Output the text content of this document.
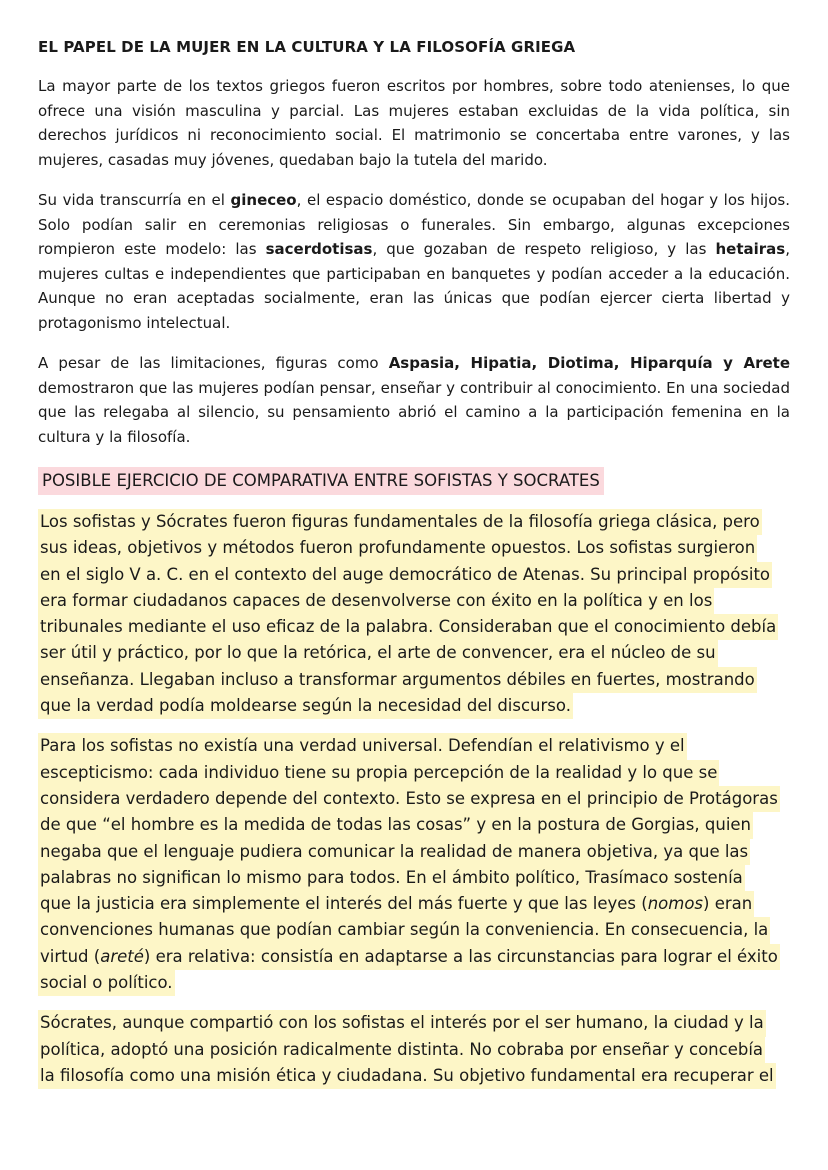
EL PAPEL DE LA MUJER EN LA CULTURA Y LA FILOSOFÍA GRIEGA

La mayor parte de los textos griegos fueron escritos por hombres, sobre todo atenienses, lo que ofrece una visión masculina y parcial. Las mujeres estaban excluidas de la vida política, sin derechos jurídicos ni reconocimiento social. El matrimonio se concertaba entre varones, y las mujeres, casadas muy jóvenes, quedaban bajo la tutela del marido.

Su vida transcurría en el gineceo, el espacio doméstico, donde se ocupaban del hogar y los hijos. Solo podían salir en ceremonias religiosas o funerales. Sin embargo, algunas excepciones rompieron este modelo: las sacerdotisas, que gozaban de respeto religioso, y las hetairas, mujeres cultas e independientes que participaban en banquetes y podían acceder a la educación. Aunque no eran aceptadas socialmente, eran las únicas que podían ejercer cierta libertad y protagonismo intelectual.

A pesar de las limitaciones, figuras como Aspasia, Hipatia, Diotima, Hiparquía y Arete demostraron que las mujeres podían pensar, enseñar y contribuir al conocimiento. En una sociedad que las relegaba al silencio, su pensamiento abrió el camino a la participación femenina en la cultura y la filosofía.

POSIBLE EJERCICIO DE COMPARATIVA ENTRE SOFISTAS Y SOCRATES
Los sofistas y Sócrates fueron figuras fundamentales de la filosofía griega clásica, pero
sus ideas, objetivos y métodos fueron profundamente opuestos. Los sofistas surgieron
en el siglo V a. C. en el contexto del auge democrático de Atenas. Su principal propósito
era formar ciudadanos capaces de desenvolverse con éxito en la política y en los
tribunales mediante el uso eficaz de la palabra. Consideraban que el conocimiento debía
ser útil y práctico, por lo que la retórica, el arte de convencer, era el núcleo de su
enseñanza. Llegaban incluso a transformar argumentos débiles en fuertes, mostrando
que la verdad podía moldearse según la necesidad del discurso.
Para los sofistas no existía una verdad universal. Defendían el relativismo y el
escepticismo: cada individuo tiene su propia percepción de la realidad y lo que se
considera verdadero depende del contexto. Esto se expresa en el principio de Protágoras
de que “el hombre es la medida de todas las cosas” y en la postura de Gorgias, quien
negaba que el lenguaje pudiera comunicar la realidad de manera objetiva, ya que las
palabras no significan lo mismo para todos. En el ámbito político, Trasímaco sostenía
que la justicia era simplemente el interés del más fuerte y que las leyes (nomos) eran
convenciones humanas que podían cambiar según la conveniencia. En consecuencia, la
virtud (areté) era relativa: consistía en adaptarse a las circunstancias para lograr el éxito
social o político.
Sócrates, aunque compartió con los sofistas el interés por el ser humano, la ciudad y la
política, adoptó una posición radicalmente distinta. No cobraba por enseñar y concebía
la filosofía como una misión ética y ciudadana. Su objetivo fundamental era recuperar el
